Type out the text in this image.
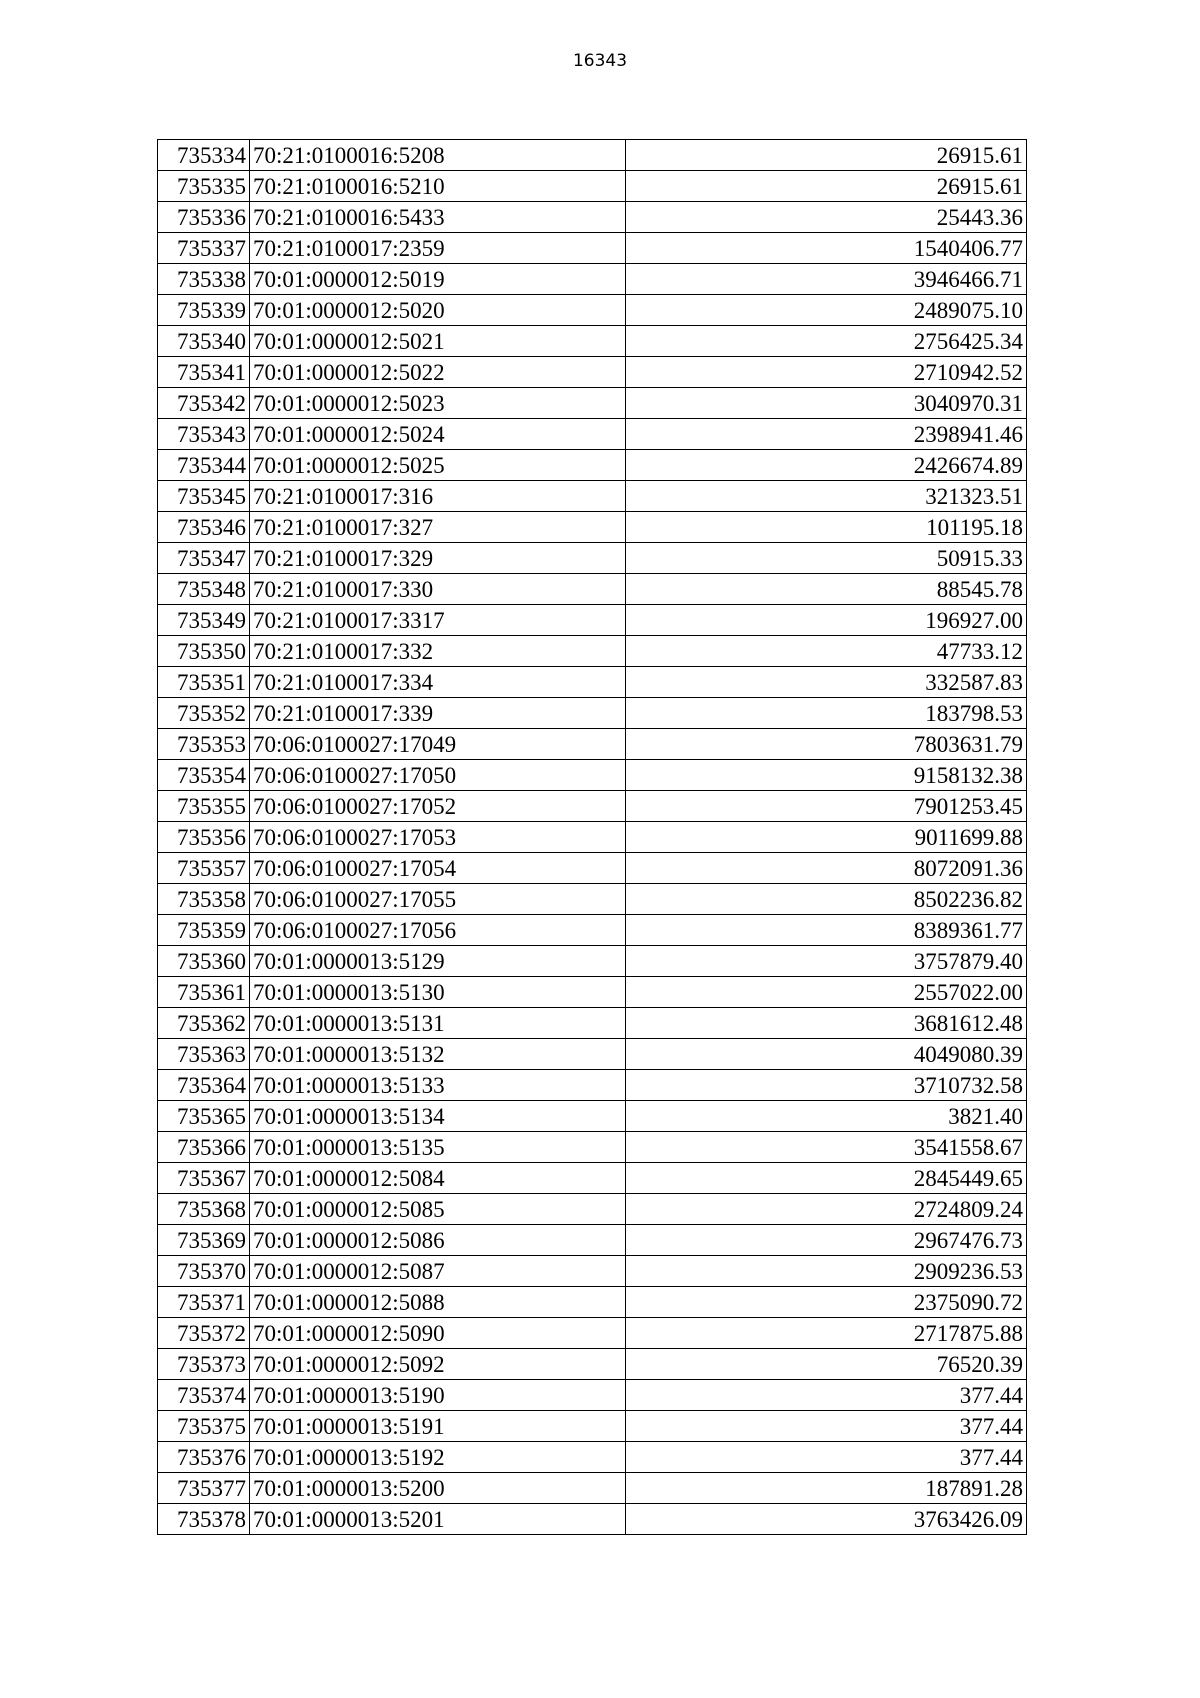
16343
735334	70:21:0100016:5208	26915.61
735335	70:21:0100016:5210	26915.61
735336	70:21:0100016:5433	25443.36
735337	70:21:0100017:2359	1540406.77
735338	70:01:0000012:5019	3946466.71
735339	70:01:0000012:5020	2489075.10
735340	70:01:0000012:5021	2756425.34
735341	70:01:0000012:5022	2710942.52
735342	70:01:0000012:5023	3040970.31
735343	70:01:0000012:5024	2398941.46
735344	70:01:0000012:5025	2426674.89
735345	70:21:0100017:316	321323.51
735346	70:21:0100017:327	101195.18
735347	70:21:0100017:329	50915.33
735348	70:21:0100017:330	88545.78
735349	70:21:0100017:3317	196927.00
735350	70:21:0100017:332	47733.12
735351	70:21:0100017:334	332587.83
735352	70:21:0100017:339	183798.53
735353	70:06:0100027:17049	7803631.79
735354	70:06:0100027:17050	9158132.38
735355	70:06:0100027:17052	7901253.45
735356	70:06:0100027:17053	9011699.88
735357	70:06:0100027:17054	8072091.36
735358	70:06:0100027:17055	8502236.82
735359	70:06:0100027:17056	8389361.77
735360	70:01:0000013:5129	3757879.40
735361	70:01:0000013:5130	2557022.00
735362	70:01:0000013:5131	3681612.48
735363	70:01:0000013:5132	4049080.39
735364	70:01:0000013:5133	3710732.58
735365	70:01:0000013:5134	3821.40
735366	70:01:0000013:5135	3541558.67
735367	70:01:0000012:5084	2845449.65
735368	70:01:0000012:5085	2724809.24
735369	70:01:0000012:5086	2967476.73
735370	70:01:0000012:5087	2909236.53
735371	70:01:0000012:5088	2375090.72
735372	70:01:0000012:5090	2717875.88
735373	70:01:0000012:5092	76520.39
735374	70:01:0000013:5190	377.44
735375	70:01:0000013:5191	377.44
735376	70:01:0000013:5192	377.44
735377	70:01:0000013:5200	187891.28
735378	70:01:0000013:5201	3763426.09
